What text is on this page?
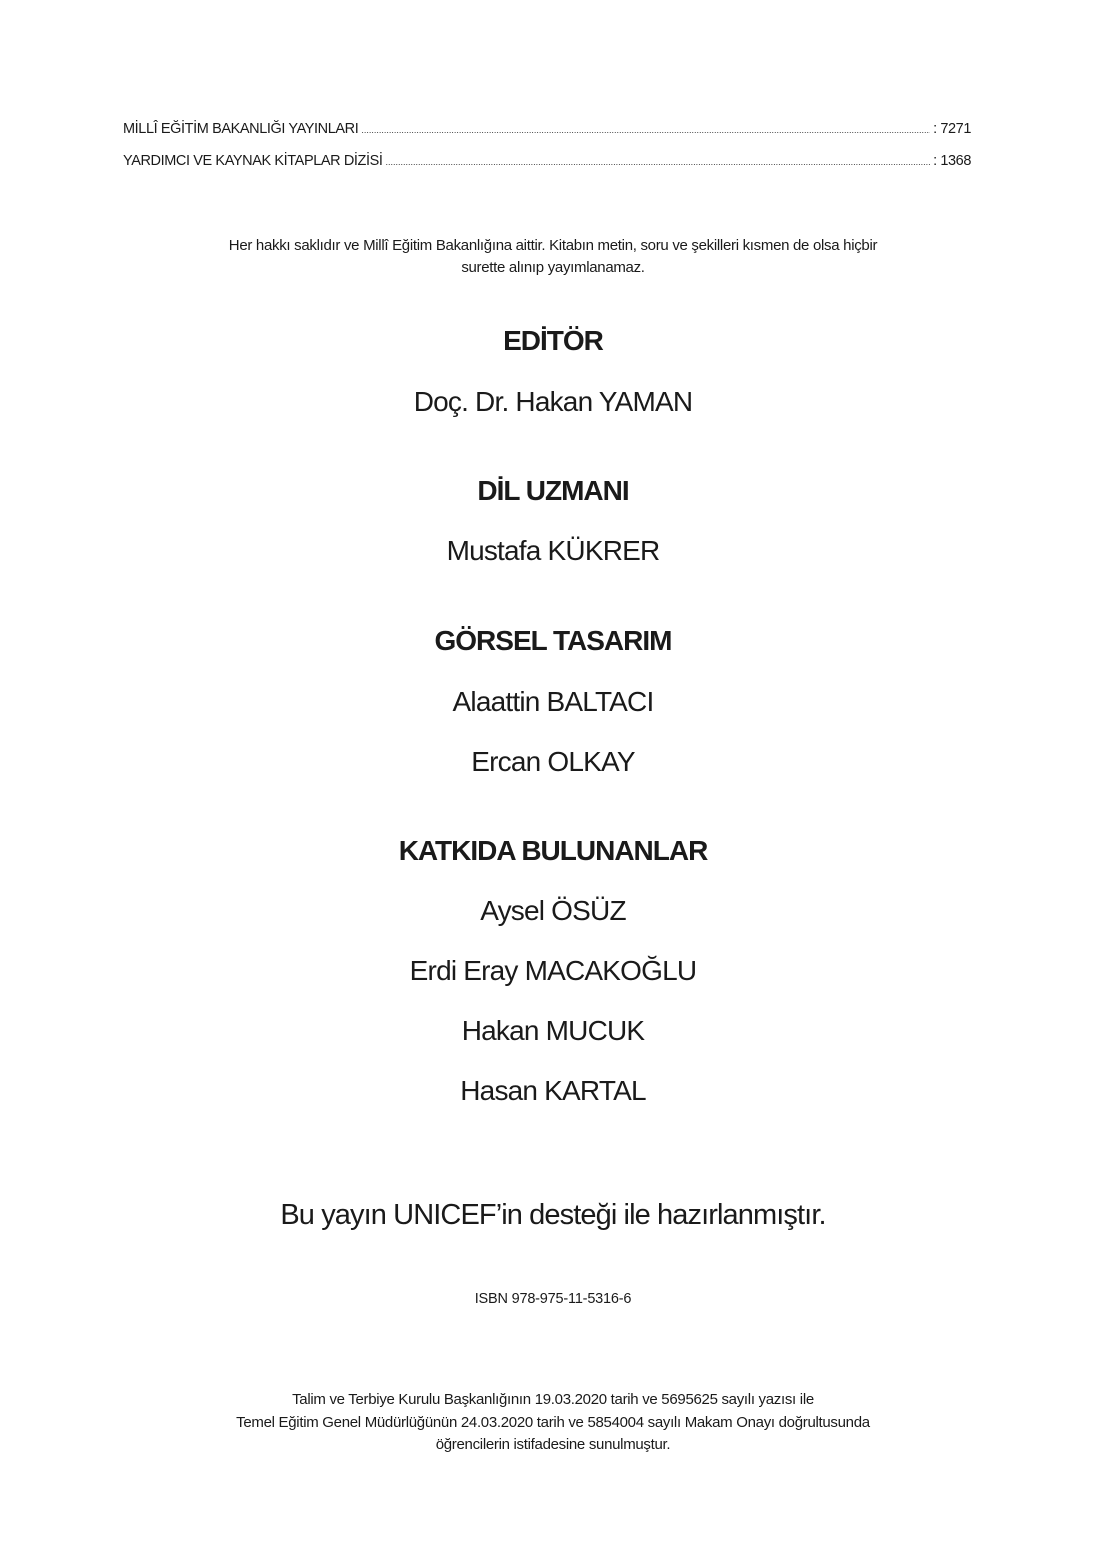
MİLLÎ EĞİTİM BAKANLIĞI YAYINLARI .....	: 7271
YARDIMCI VE KAYNAK KİTAPLAR DİZİSİ .....	: 1368
Her hakkı saklıdır ve Millî Eğitim Bakanlığına aittir. Kitabın metin, soru ve şekilleri kısmen de olsa hiçbir
surette alınıp yayımlanamaz.
EDİTÖR
Doç. Dr. Hakan YAMAN
DİL UZMANI
Mustafa KÜKRER
GÖRSEL TASARIM
Alaattin BALTACI
Ercan OLKAY
KATKIDA BULUNANLAR
Aysel ÖSÜZ
Erdi Eray MACAKOĞLU
Hakan MUCUK
Hasan KARTAL
Bu yayın UNICEF’in desteği ile hazırlanmıştır.
ISBN 978-975-11-5316-6
Talim ve Terbiye Kurulu Başkanlığının 19.03.2020 tarih ve 5695625 sayılı yazısı ile
Temel Eğitim Genel Müdürlüğünün 24.03.2020 tarih ve 5854004 sayılı Makam Onayı doğrultusunda
öğrencilerin istifadesine sunulmuştur.
